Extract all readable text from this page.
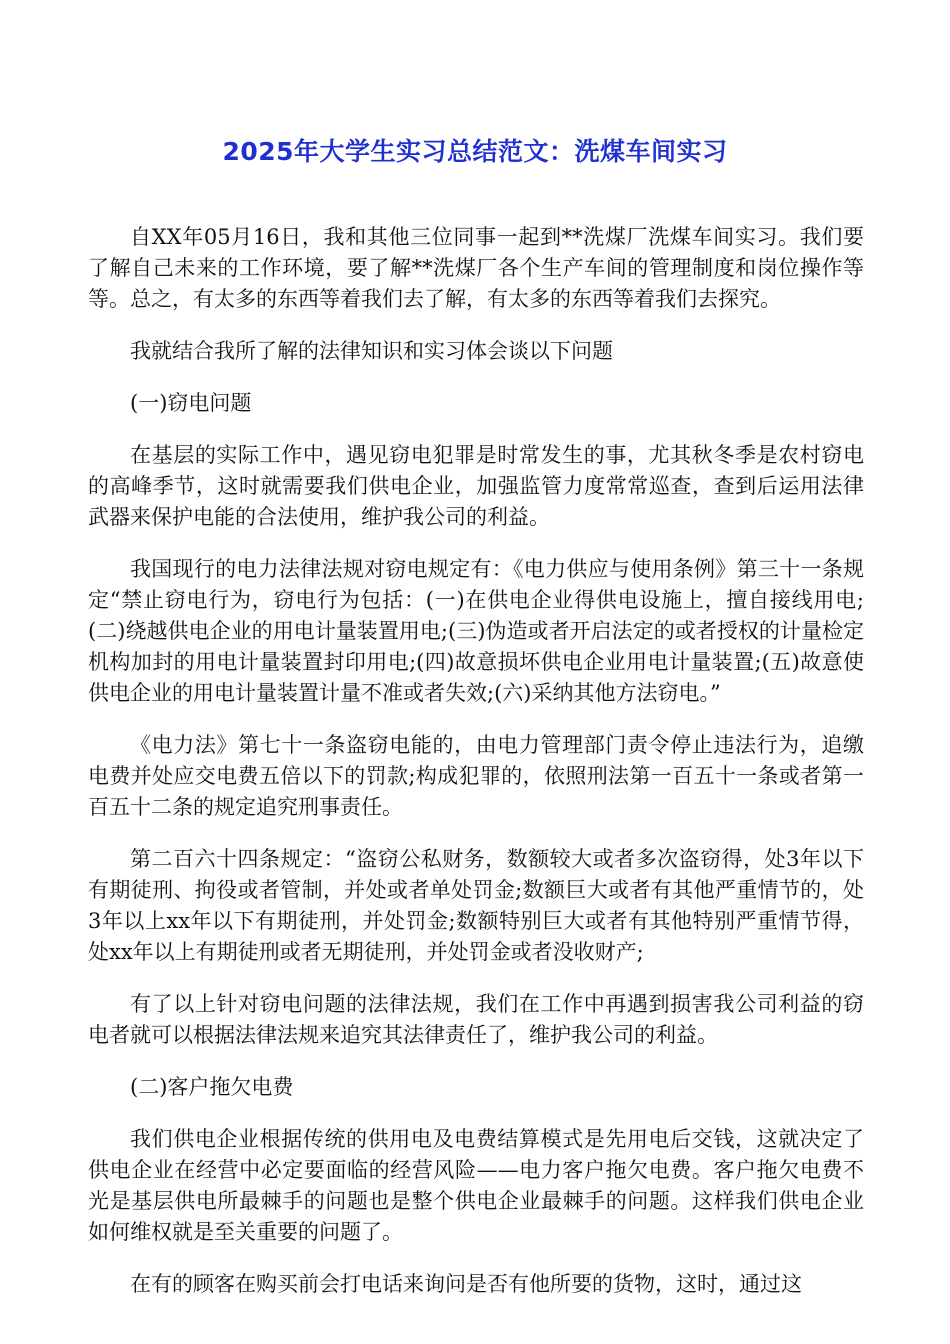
2025年大学生实习总结范文：洗煤车间实习

自XX年05月16日，我和其他三位同事一起到**洗煤厂洗煤车间实习。我们要了解自己未来的工作环境，要了解**洗煤厂各个生产车间的管理制度和岗位操作等等。总之，有太多的东西等着我们去了解，有太多的东西等着我们去探究。

我就结合我所了解的法律知识和实习体会谈以下问题

(一)窃电问题

在基层的实际工作中，遇见窃电犯罪是时常发生的事，尤其秋冬季是农村窃电的高峰季节，这时就需要我们供电企业，加强监管力度常常巡查，查到后运用法律武器来保护电能的合法使用，维护我公司的利益。

我国现行的电力法律法规对窃电规定有：《电力供应与使用条例》第三十一条规定“禁止窃电行为，窃电行为包括：(一)在供电企业得供电设施上，擅自接线用电;(二)绕越供电企业的用电计量装置用电;(三)伪造或者开启法定的或者授权的计量检定机构加封的用电计量装置封印用电;(四)故意损坏供电企业用电计量装置;(五)故意使供电企业的用电计量装置计量不准或者失效;(六)采纳其他方法窃电。”

《电力法》第七十一条盗窃电能的，由电力管理部门责令停止违法行为，追缴电费并处应交电费五倍以下的罚款;构成犯罪的，依照刑法第一百五十一条或者第一百五十二条的规定追究刑事责任。

第二百六十四条规定：“盗窃公私财务，数额较大或者多次盗窃得，处3年以下有期徒刑、拘役或者管制，并处或者单处罚金;数额巨大或者有其他严重情节的，处3年以上xx年以下有期徒刑，并处罚金;数额特别巨大或者有其他特别严重情节得，处xx年以上有期徒刑或者无期徒刑，并处罚金或者没收财产;

有了以上针对窃电问题的法律法规，我们在工作中再遇到损害我公司利益的窃电者就可以根据法律法规来追究其法律责任了，维护我公司的利益。

(二)客户拖欠电费

我们供电企业根据传统的供用电及电费结算模式是先用电后交钱，这就决定了供电企业在经营中必定要面临的经营风险——电力客户拖欠电费。客户拖欠电费不光是基层供电所最棘手的问题也是整个供电企业最棘手的问题。这样我们供电企业如何维权就是至关重要的问题了。

在有的顾客在购买前会打电话来询问是否有他所要的货物，这时，通过这
